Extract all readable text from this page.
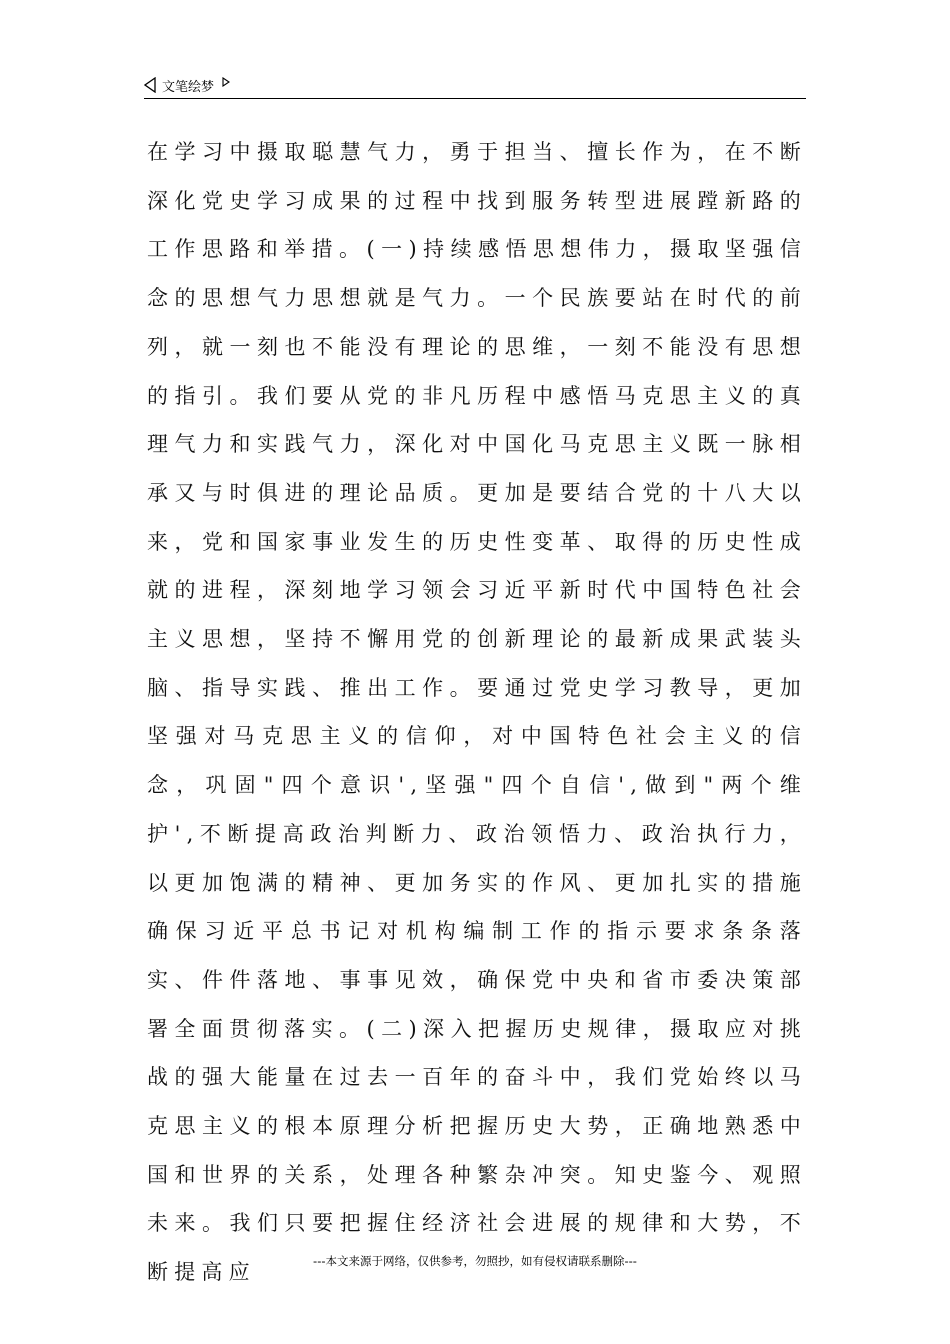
文笔绘梦

在学习中摄取聪慧气力，勇于担当、擅长作为，在不断深化党史学习成果的过程中找到服务转型进展蹚新路的工作思路和举措。(一)持续感悟思想伟力，摄取坚强信念的思想气力思想就是气力。一个民族要站在时代的前列，就一刻也不能没有理论的思维，一刻不能没有思想的指引。我们要从党的非凡历程中感悟马克思主义的真理气力和实践气力，深化对中国化马克思主义既一脉相承又与时俱进的理论品质。更加是要结合党的十八大以来，党和国家事业发生的历史性变革、取得的历史性成就的进程，深刻地学习领会习近平新时代中国特色社会主义思想，坚持不懈用党的创新理论的最新成果武装头脑、指导实践、推出工作。要通过党史学习教导，更加坚强对马克思主义的信仰，对中国特色社会主义的信念，巩固"四个意识',坚强"四个自信',做到"两个维护',不断提高政治判断力、政治领悟力、政治执行力，以更加饱满的精神、更加务实的作风、更加扎实的措施确保习近平总书记对机构编制工作的指示要求条条落实、件件落地、事事见效，确保党中央和省市委决策部署全面贯彻落实。(二)深入把握历史规律，摄取应对挑战的强大能量在过去一百年的奋斗中，我们党始终以马克思主义的根本原理分析把握历史大势，正确地熟悉中国和世界的关系，处理各种繁杂冲突。知史鉴今、观照未来。我们只要把握住经济社会进展的规律和大势，不断提高应	---本文来源于网络，仅供参考，勿照抄，如有侵权请联系删除---
